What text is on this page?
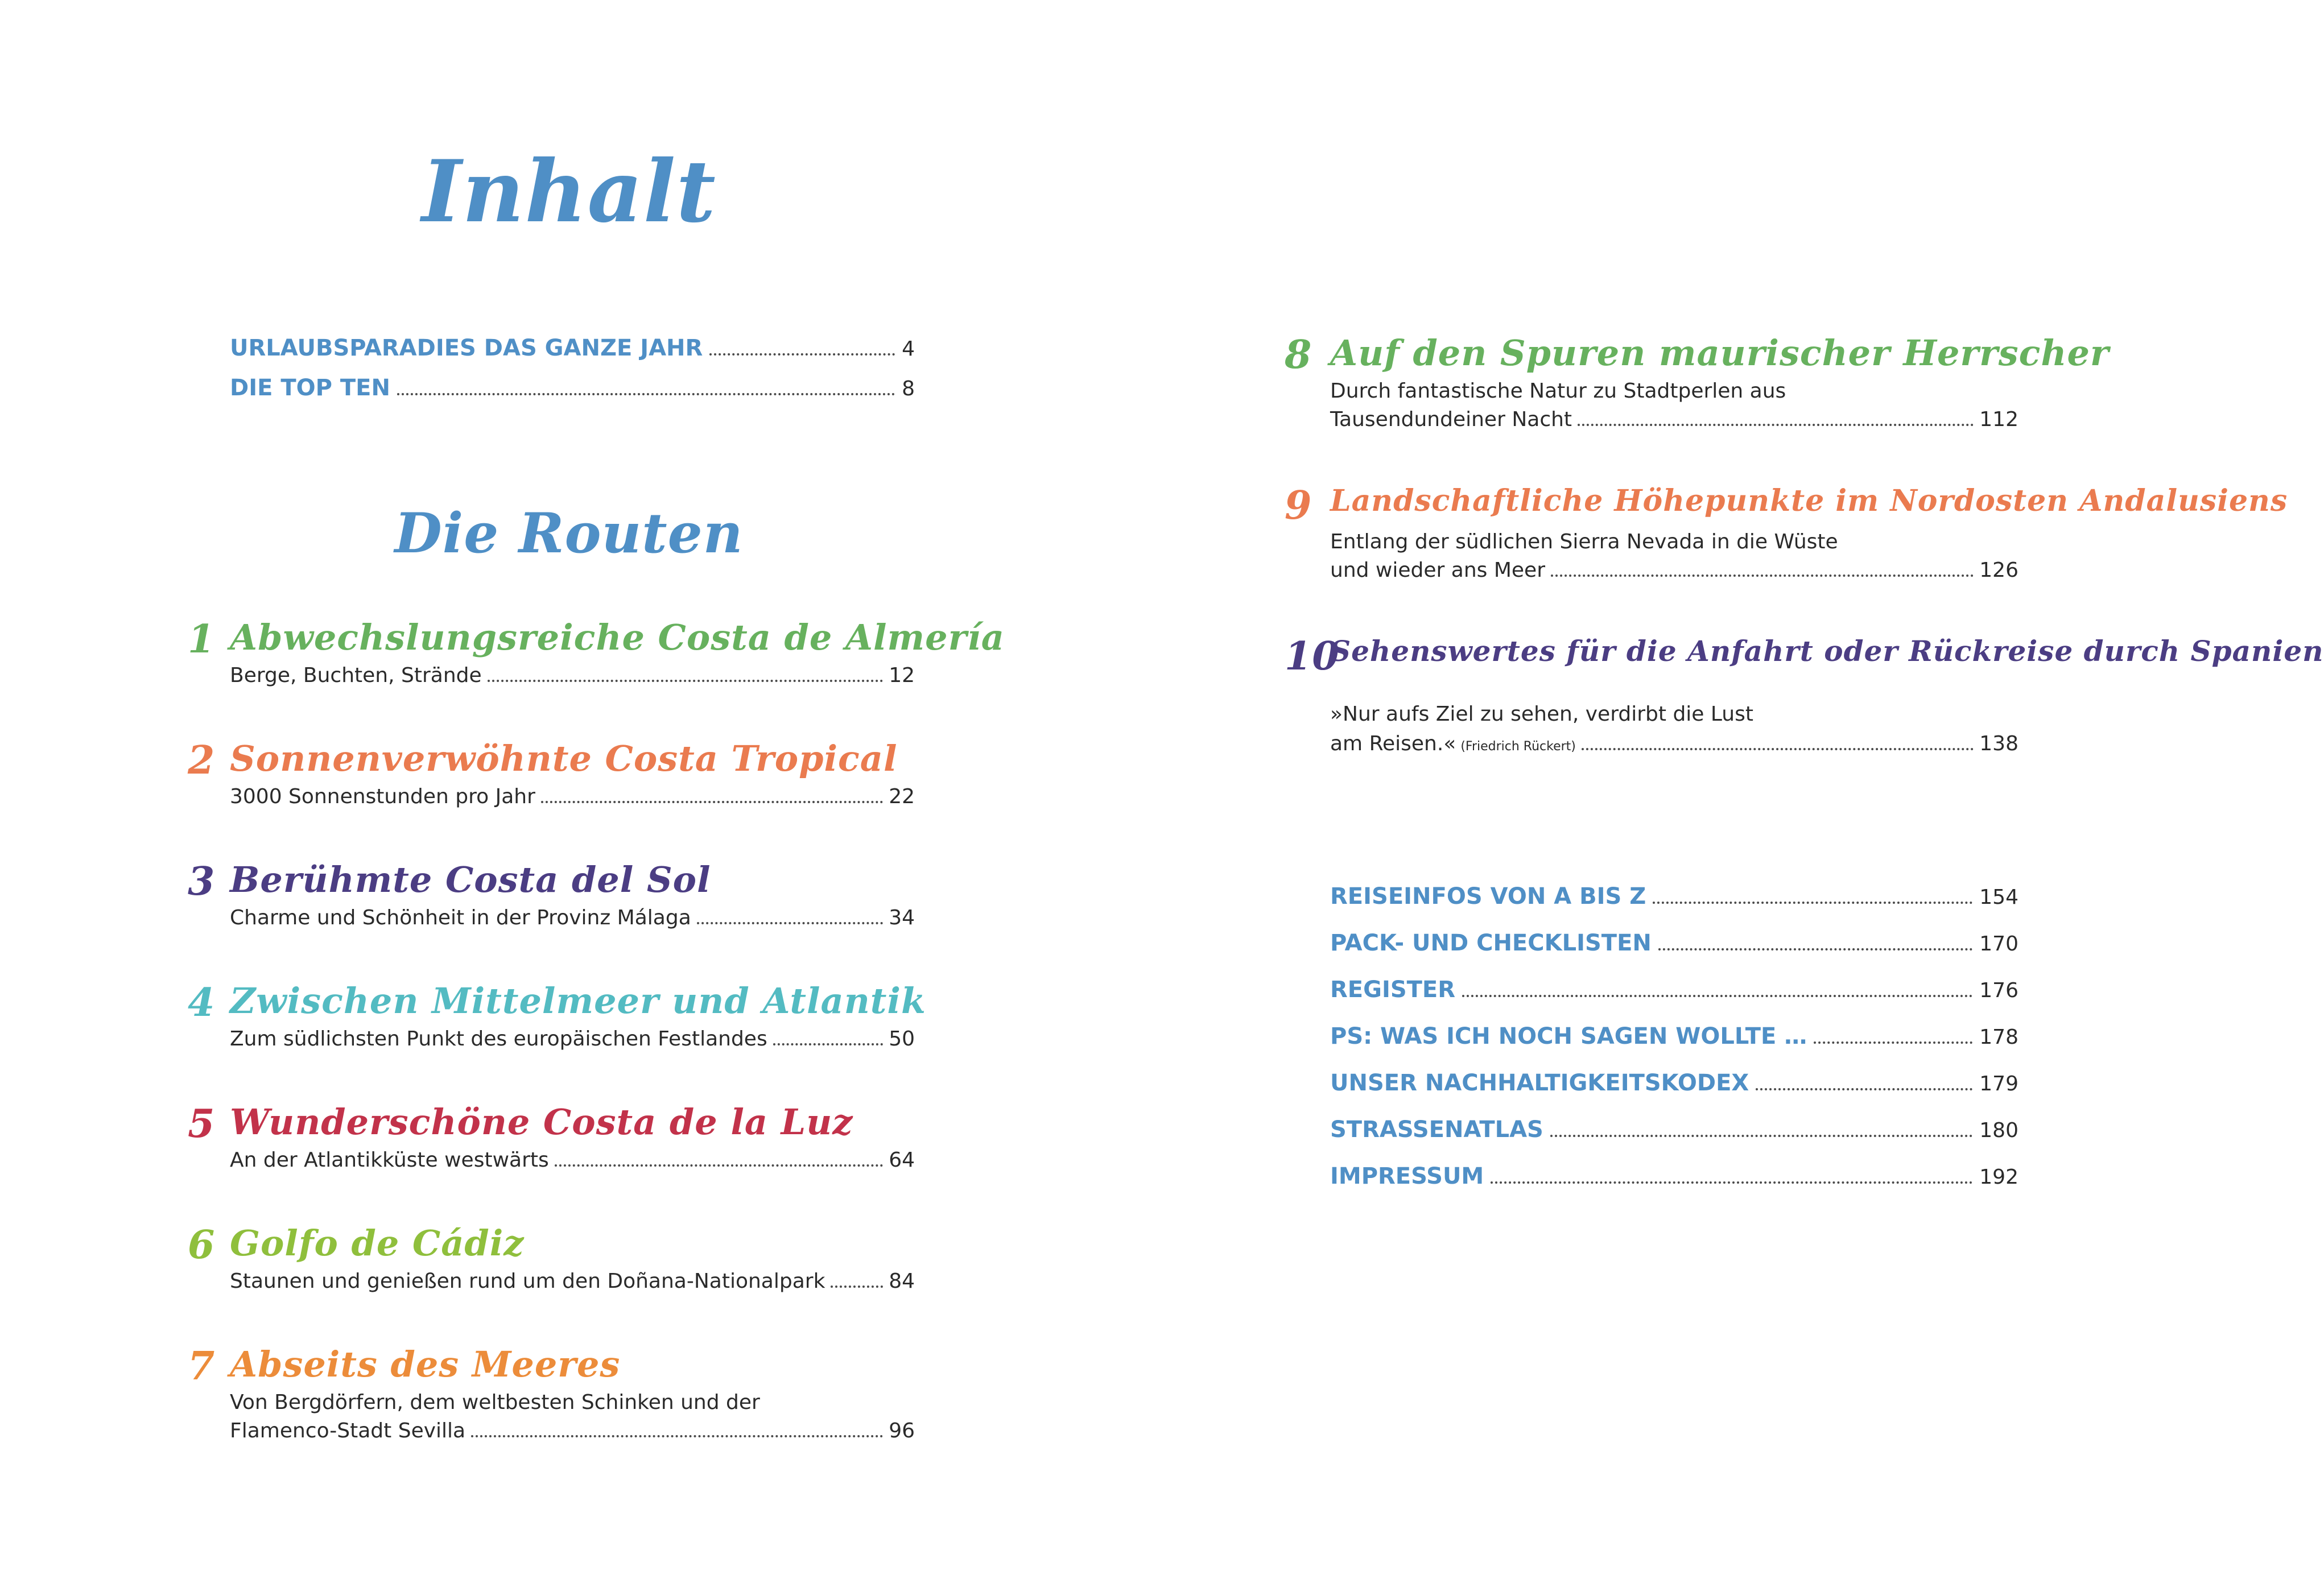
Inhalt
URLAUBSPARADIES DAS GANZE JAHR	4
DIE TOP TEN	8
Die Routen
1 Abwechslungsreiche Costa de Almería
Berge, Buchten, Strände	12
2 Sonnenverwöhnte Costa Tropical
3000 Sonnenstunden pro Jahr	22
3 Berühmte Costa del Sol
Charme und Schönheit in der Provinz Málaga	34
4 Zwischen Mittelmeer und Atlantik
Zum südlichsten Punkt des europäischen Festlandes	50
5 Wunderschöne Costa de la Luz
An der Atlantikküste westwärts	64
6 Golfo de Cádiz
Staunen und genießen rund um den Doñana-Nationalpark	84
7 Abseits des Meeres
Von Bergdörfern, dem weltbesten Schinken und der
Flamenco-Stadt Sevilla	96
8 Auf den Spuren maurischer Herrscher
Durch fantastische Natur zu Stadtperlen aus
Tausendundeiner Nacht	112
9 Landschaftliche Höhepunkte im Nordosten Andalusiens
Entlang der südlichen Sierra Nevada in die Wüste
und wieder ans Meer	126
10
Sehenswertes für die Anfahrt oder Rückreise durch Spanien
»Nur aufs Ziel zu sehen, verdirbt die Lust
am Reisen.« (Friedrich Rückert)	138
REISEINFOS VON A BIS Z	154
PACK- UND CHECKLISTEN	170
REGISTER	176
PS: WAS ICH NOCH SAGEN WOLLTE …	178
UNSER NACHHALTIGKEITSKODEX	179
STRASSENATLAS	180
IMPRESSUM	192
